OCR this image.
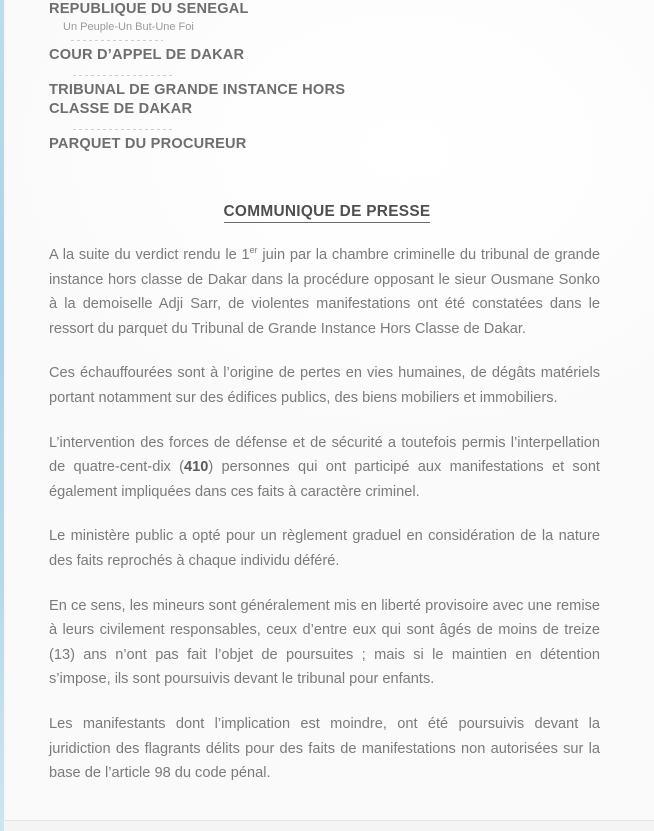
REPUBLIQUE DU SENEGAL
Un Peuple-Un But-Une Foi
COUR D’APPEL DE DAKAR
TRIBUNAL DE GRANDE INSTANCE HORS
CLASSE DE DAKAR
PARQUET DU PROCUREUR
COMMUNIQUE DE PRESSE

A la suite du verdict rendu le 1er juin par la chambre criminelle du tribunal de grande instance hors classe de Dakar dans la procédure opposant le sieur Ousmane Sonko à la demoiselle Adji Sarr, de violentes manifestations ont été constatées dans le ressort du parquet du Tribunal de Grande Instance Hors Classe de Dakar.

Ces échauffourées sont à l’origine de pertes en vies humaines, de dégâts matériels portant notamment sur des édifices publics, des biens mobiliers et immobiliers.

L’intervention des forces de défense et de sécurité a toutefois permis l’interpellation de quatre-cent-dix (410) personnes qui ont participé aux manifestations et sont également impliquées dans ces faits à caractère criminel.

Le ministère public a opté pour un règlement graduel en considération de la nature des faits reprochés à chaque individu déféré.

En ce sens, les mineurs sont généralement mis en liberté provisoire avec une remise à leurs civilement responsables, ceux d’entre eux qui sont âgés de moins de treize (13) ans n’ont pas fait l’objet de poursuites ; mais si le maintien en détention s’impose, ils sont poursuivis devant le tribunal pour enfants.

Les manifestants dont l’implication est moindre, ont été poursuivis devant la juridiction des flagrants délits pour des faits de manifestations non autorisées sur la base de l’article 98 du code pénal.
